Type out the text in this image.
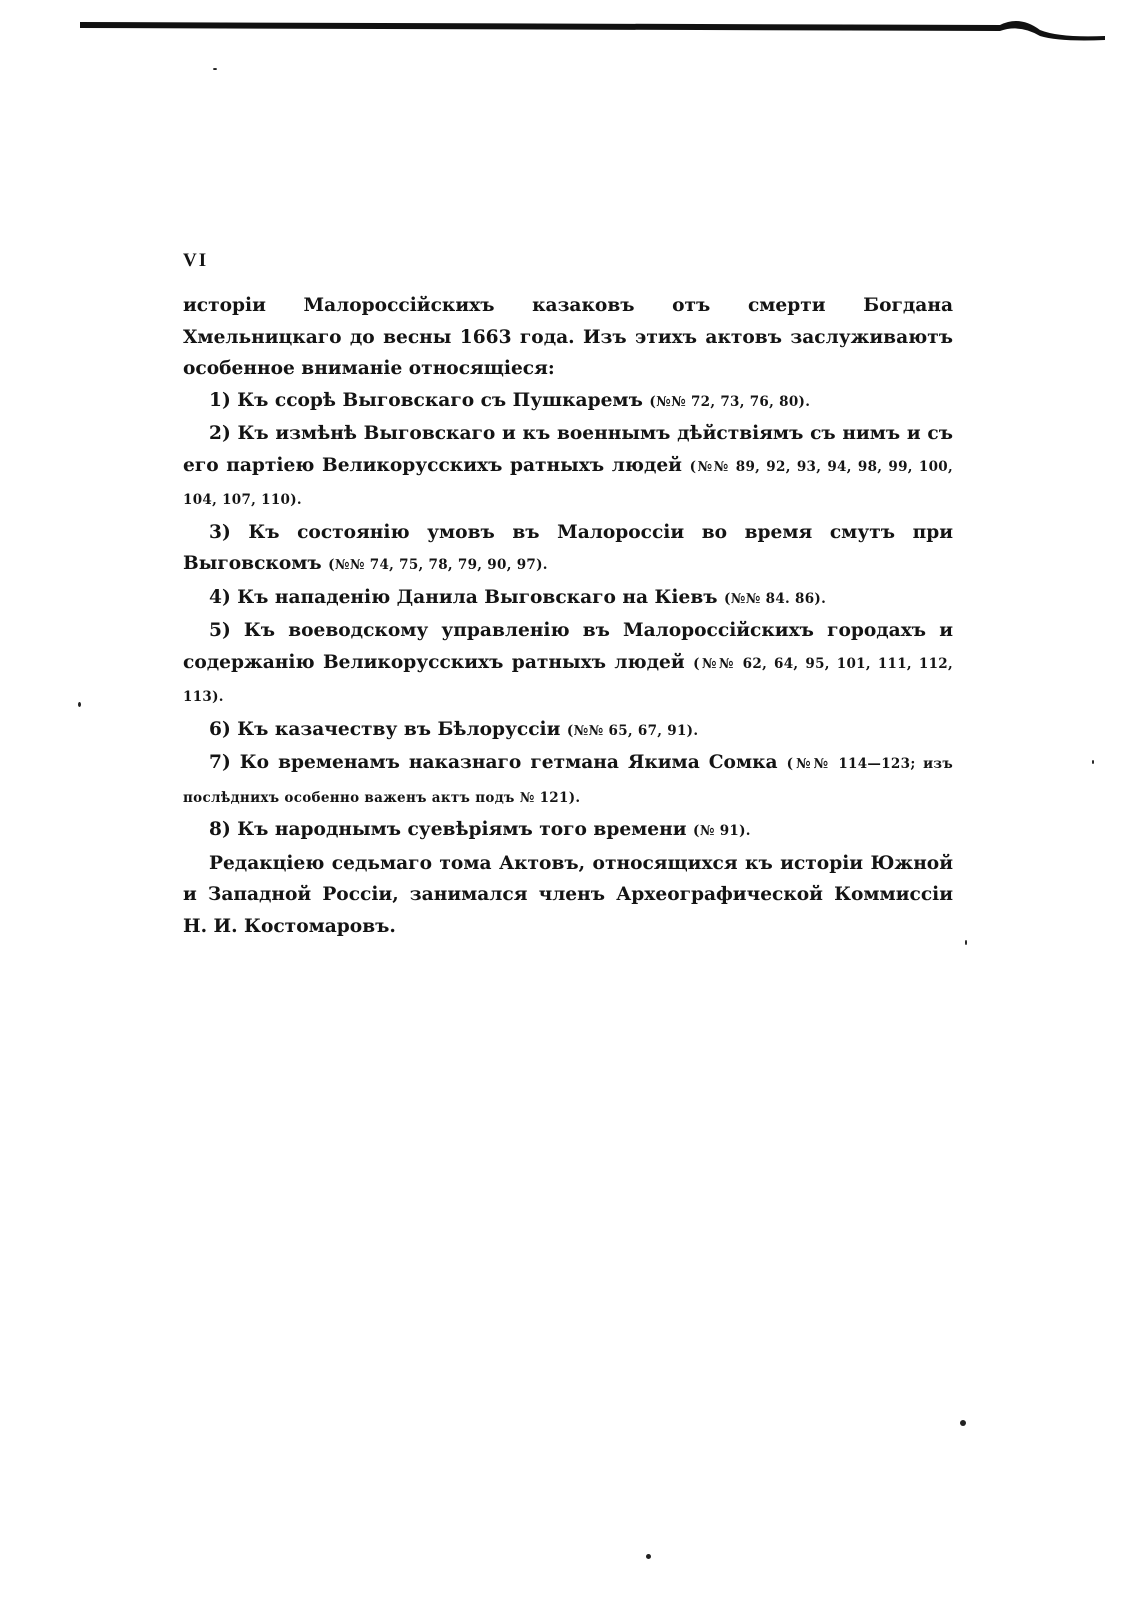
VI

исторіи Малороссійскихъ казаковъ отъ смерти Богдана Хмельницкаго до весны 1663 года. Изъ этихъ актовъ заслуживаютъ особенное вниманіе относящіеся:

1) Къ ссорѣ Выговскаго съ Пушкаремъ (№№ 72, 73, 76, 80).

2) Къ измѣнѣ Выговскаго и къ военнымъ дѣйствіямъ съ нимъ и съ его партіею Великорусскихъ ратныхъ людей (№№ 89, 92, 93, 94, 98, 99, 100, 104, 107, 110).

3) Къ состоянію умовъ въ Малороссіи во время смутъ при Выговскомъ (№№ 74, 75, 78, 79, 90, 97).

4) Къ нападенію Данила Выговскаго на Кіевъ (№№ 84. 86).

5) Къ воеводскому управленію въ Малороссійскихъ городахъ и содержанію Великорусскихъ ратныхъ людей (№№ 62, 64, 95, 101, 111, 112, 113).

6) Къ казачеству въ Бѣлоруссіи (№№ 65, 67, 91).

7) Ко временамъ наказнаго гетмана Якима Сомка (№№ 114—123; изъ послѣднихъ особенно важенъ актъ подъ № 121).

8) Къ народнымъ суевѣріямъ того времени (№ 91).

Редакціею седьмаго тома Актовъ, относящихся къ исторіи Южной и Западной Россіи, занимался членъ Археографической Коммиссіи Н. И. Костомаровъ.
